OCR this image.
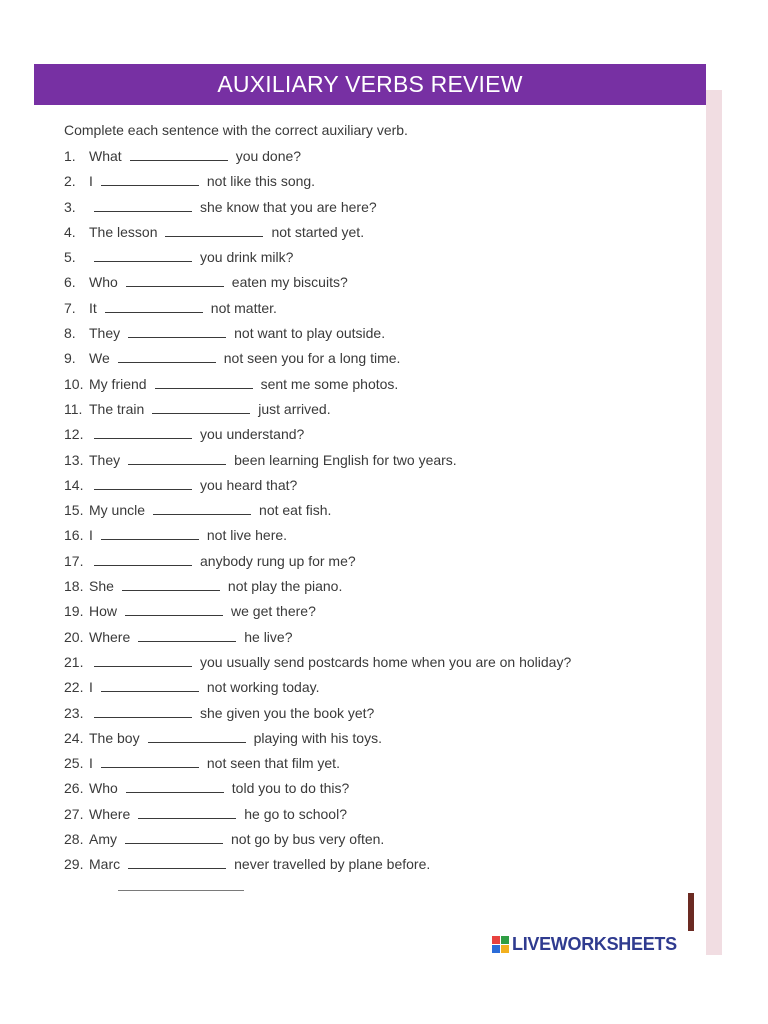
AUXILIARY VERBS REVIEW
Complete each sentence with the correct auxiliary verb.
1. What	you done?
2. I	not like this song.
3.	she know that you are here?
4. The lesson	not started yet.
5.	you drink milk?
6. Who	eaten my biscuits?
7. It	not matter.
8. They	not want to play outside.
9. We	not seen you for a long time.
10. My friend	sent me some photos.
11. The train	just arrived.
12.	you understand?
13. They	been learning English for two years.
14.	you heard that?
15. My uncle	not eat fish.
16. I	not live here.
17.	anybody rung up for me?
18. She	not play the piano.
19. How	we get there?
20. Where	he live?
21.	you usually send postcards home when you are on holiday?
22. I	not working today.
23.	she given you the book yet?
24. The boy	playing with his toys.
25. I	not seen that film yet.
26. Who	told you to do this?
27. Where	he go to school?
28. Amy	not go by bus very often.
29. Marc	never travelled by plane before.
LIVEWORKSHEETS
